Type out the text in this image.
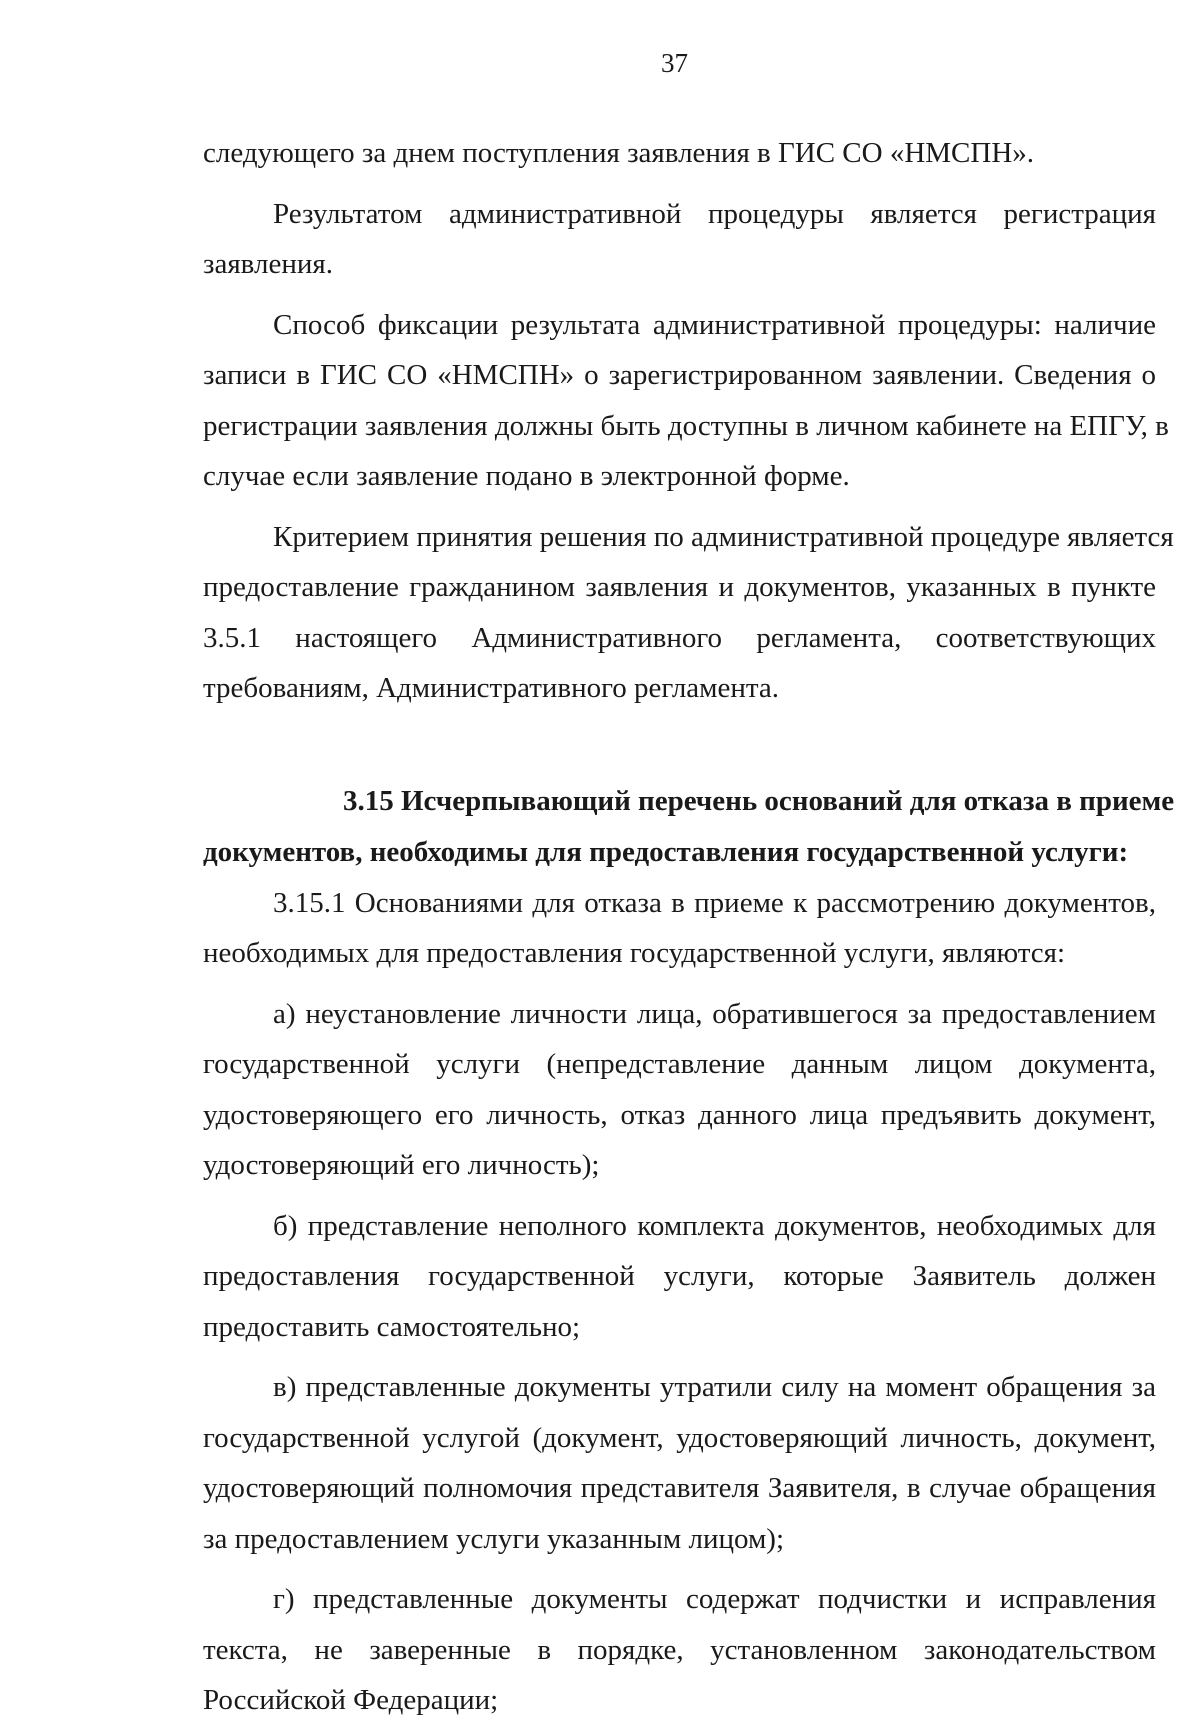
37

следующего за днем поступления заявления в ГИС СО «НМСПН».

Результатом административной процедуры является регистрация
заявления.

Способ фиксации результата административной процедуры: наличие
записи в ГИС СО «НМСПН» о зарегистрированном заявлении. Сведения о
регистрации заявления должны быть доступны в личном кабинете на ЕПГУ, в
случае если заявление подано в электронной форме.

Критерием принятия решения по административной процедуре является
предоставление гражданином заявления и документов, указанных в пункте
3.5.1 настоящего Административного регламента, соответствующих
требованиям, Административного регламента.

3.15 Исчерпывающий перечень оснований для отказа в приеме
документов, необходимы для предоставления государственной услуги:

3.15.1 Основаниями для отказа в приеме к рассмотрению документов,
необходимых для предоставления государственной услуги, являются:

а) неустановление личности лица, обратившегося за предоставлением
государственной услуги (непредставление данным лицом документа,
удостоверяющего его личность, отказ данного лица предъявить документ,
удостоверяющий его личность);

б) представление неполного комплекта документов, необходимых для
предоставления государственной услуги, которые Заявитель должен
предоставить самостоятельно;

в) представленные документы утратили силу на момент обращения за
государственной услугой (документ, удостоверяющий личность, документ,
удостоверяющий полномочия представителя Заявителя, в случае обращения
за предоставлением услуги указанным лицом);

г) представленные документы содержат подчистки и исправления
текста, не заверенные в порядке, установленном законодательством
Российской Федерации;
